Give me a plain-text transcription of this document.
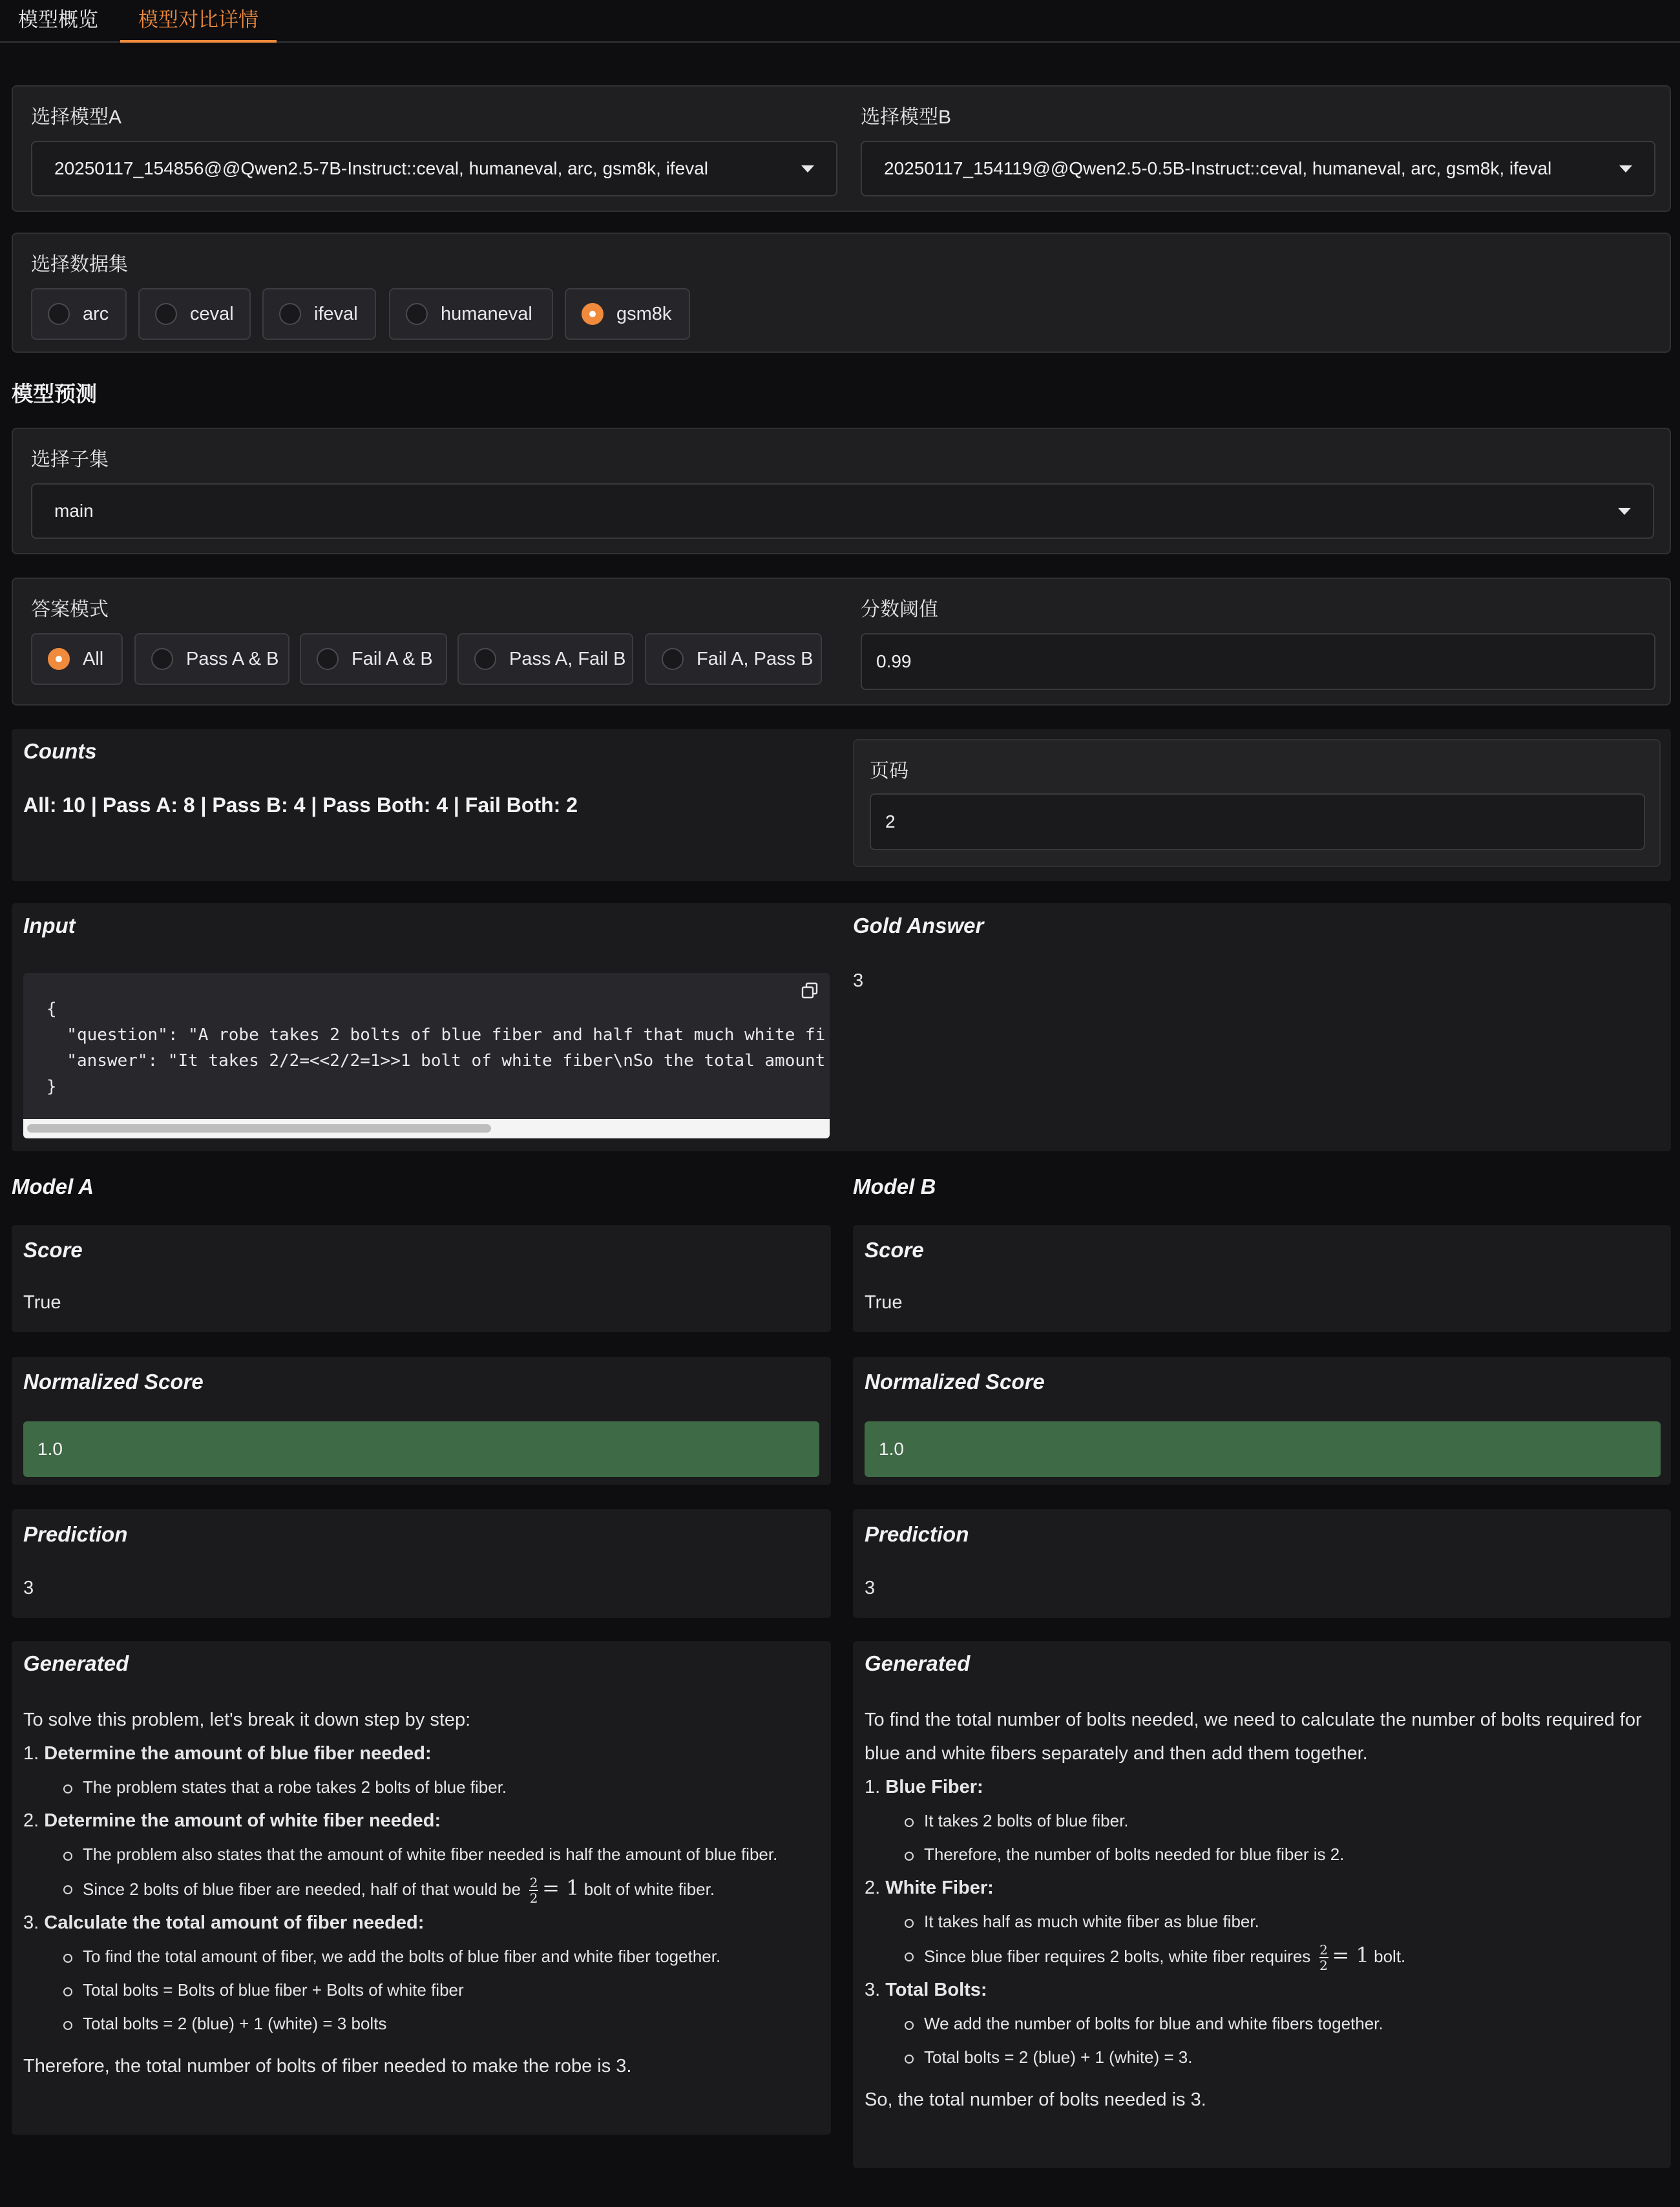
模型概览	模型对比详情
选择模型A
20250117_154856@@Qwen2.5-7B-Instruct::ceval, humaneval, arc, gsm8k, ifeval
选择模型B
20250117_154119@@Qwen2.5-0.5B-Instruct::ceval, humaneval, arc, gsm8k, ifeval
选择数据集
arc	ceval	ifeval	humaneval	gsm8k
模型预测
选择子集
main
答案模式
All	Pass A & B	Fail A & B	Pass A, Fail B	Fail A, Pass B
分数阈值
0.99
Counts
All: 10 | Pass A: 8 | Pass B: 4 | Pass Both: 4 | Fail Both: 2
页码
2
Input
{
"question": "A robe takes 2 bolts of blue fiber and half that much white fi
"answer": "It takes 2/2=<<2/2=1>>1 bolt of white fiber\nSo the total amount
}
Gold Answer
3
Model A	Model B
Score
True
Score
True
Normalized Score
1.0
Normalized Score
1.0
Prediction
3
Prediction
3
Generated

To solve this problem, let's break it down step by step:

1. Determine the amount of blue fiber needed:

The problem states that a robe takes 2 bolts of blue fiber.

2. Determine the amount of white fiber needed:

The problem also states that the amount of white fiber needed is half the amount of blue fiber.

Since 2 bolts of blue fiber are needed, half of that would be $\frac{2}{2} = 1$ bolt of white fiber.

3. Calculate the total amount of fiber needed:

To find the total amount of fiber, we add the bolts of blue fiber and white fiber together.

Total bolts = Bolts of blue fiber + Bolts of white fiber

Total bolts = 2 (blue) + 1 (white) = 3 bolts

Therefore, the total number of bolts of fiber needed to make the robe is 3.

Generated

To find the total number of bolts needed, we need to calculate the number of bolts required for blue and white fibers separately and then add them together.

1. Blue Fiber:

It takes 2 bolts of blue fiber.

Therefore, the number of bolts needed for blue fiber is 2.

2. White Fiber:

It takes half as much white fiber as blue fiber.

Since blue fiber requires 2 bolts, white fiber requires $\frac{2}{2} = 1$ bolt.

3. Total Bolts:

We add the number of bolts for blue and white fibers together.

Total bolts = 2 (blue) + 1 (white) = 3.

So, the total number of bolts needed is 3.
